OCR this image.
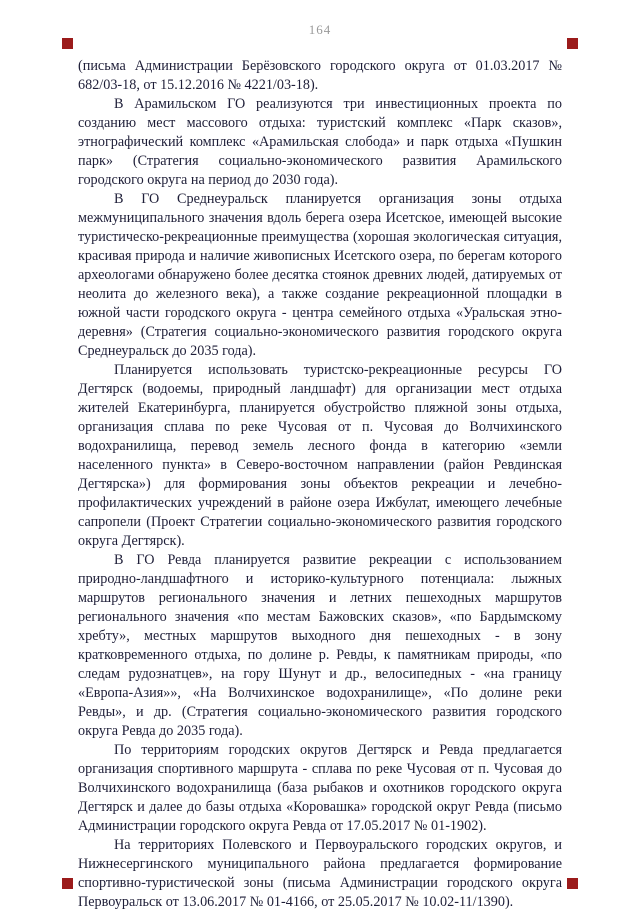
164

(письма Администрации Берёзовского городского округа от 01.03.2017 № 682/03-18, от 15.12.2016 № 4221/03-18).

В Арамильском ГО реализуются три инвестиционных проекта по созданию мест массового отдыха: туристский комплекс «Парк сказов», этнографический комплекс «Арамильская слобода» и парк отдыха «Пушкин парк» (Стратегия социально-экономического развития Арамильского городского округа на период до 2030 года).

В ГО Среднеуральск планируется организация зоны отдыха межмуниципального значения вдоль берега озера Исетское, имеющей высокие туристическо-рекреационные преимущества (хорошая экологическая ситуация, красивая природа и наличие живописных Исетского озера, по берегам которого археологами обнаружено более десятка стоянок древних людей, датируемых от неолита до железного века), а также создание рекреационной площадки в южной части городского округа - центра семейного отдыха «Уральская этно-деревня» (Стратегия социально-экономического развития городского округа Среднеуральск до 2035 года).

Планируется использовать туристско-рекреационные ресурсы ГО Дегтярск (водоемы, природный ландшафт) для организации мест отдыха жителей Екатеринбурга, планируется обустройство пляжной зоны отдыха, организация сплава по реке Чусовая от п. Чусовая до Волчихинского водохранилища, перевод земель лесного фонда в категорию «земли населенного пункта» в Северо-восточном направлении (район Ревдинская Дегтярска») для формирования зоны объектов рекреации и лечебно-профилактических учреждений в районе озера Ижбулат, имеющего лечебные сапропели (Проект Стратегии социально-экономического развития городского округа Дегтярск).

В ГО Ревда планируется развитие рекреации с использованием природно-ландшафтного и историко-культурного потенциала: лыжных маршрутов регионального значения и летних пешеходных маршрутов регионального значения «по местам Бажовских сказов», «по Бардымскому хребту», местных маршрутов выходного дня пешеходных - в зону кратковременного отдыха, по долине р. Ревды, к памятникам природы, «по следам рудознатцев», на гору Шунут и др., велосипедных - «на границу «Европа-Азия»», «На Волчихинское водохранилище», «По долине реки Ревды», и др. (Стратегия социально-экономического развития городского округа Ревда до 2035 года).

По территориям городских округов Дегтярск и Ревда предлагается организация спортивного маршрута - сплава по реке Чусовая от п. Чусовая до Волчихинского водохранилища (база рыбаков и охотников городского округа Дегтярск и далее до базы отдыха «Коровашка» городской округ Ревда (письмо Администрации городского округа Ревда от 17.05.2017 № 01-1902).

На территориях Полевского и Первоуральского городских округов, и Нижнесергинского муниципального района предлагается формирование спортивно-туристической зоны (письма Администрации городского округа Первоуральск от 13.06.2017 № 01-4166, от 25.05.2017 № 10.02-11/1390).
